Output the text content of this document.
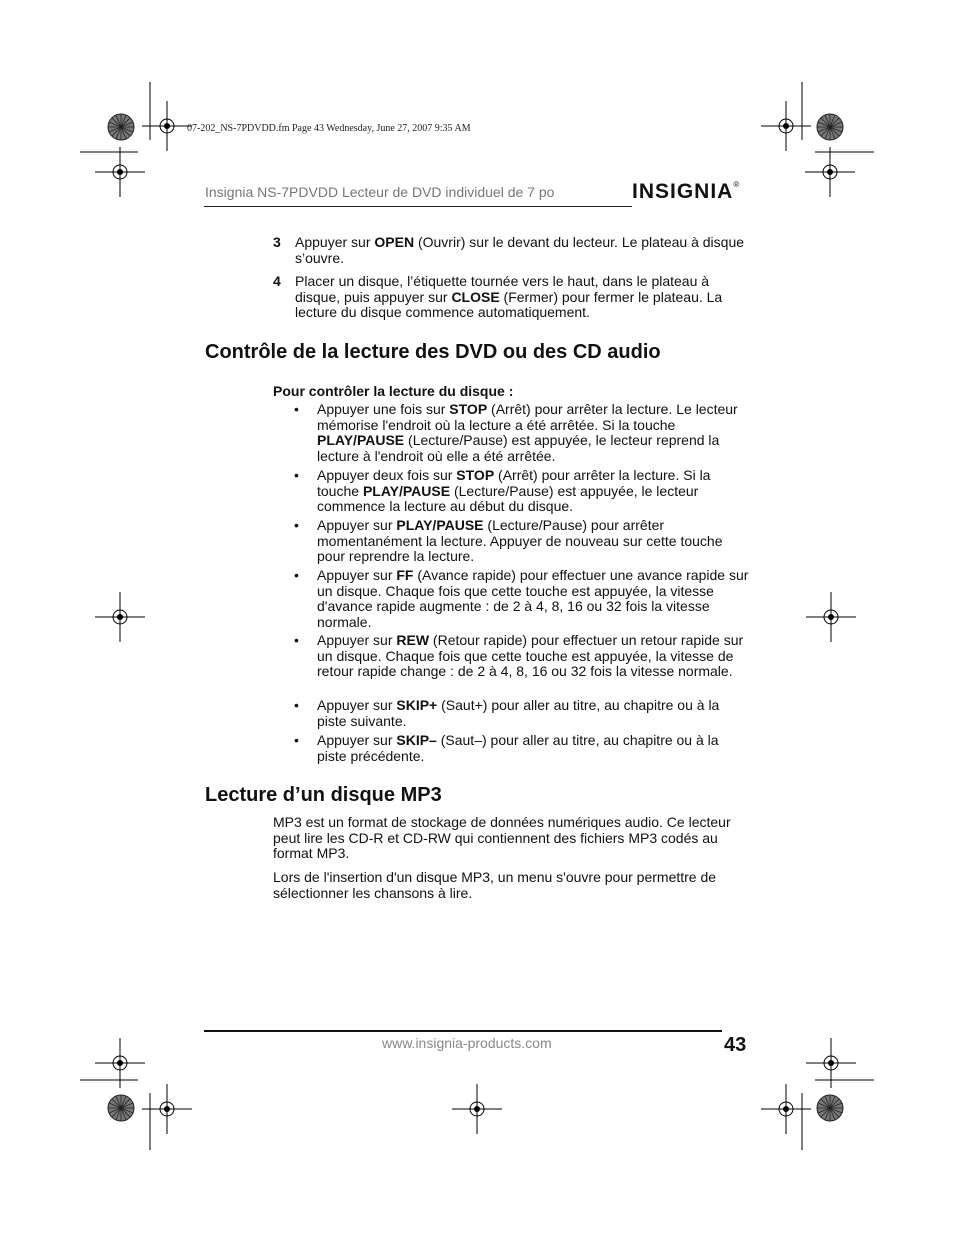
07-202_NS-7PDVDD.fm Page 43 Wednesday, June 27, 2007 9:35 AM
Insignia NS-7PDVDD Lecteur de DVD individuel de 7 po	INSIGNIA®
3 Appuyer sur OPEN (Ouvrir) sur le devant du lecteur. Le plateau à disque s’ouvre.
4 Placer un disque, l’étiquette tournée vers le haut, dans le plateau à disque, puis appuyer sur CLOSE (Fermer) pour fermer le plateau. La lecture du disque commence automatiquement.
Contrôle de la lecture des DVD ou des CD audio
Pour contrôler la lecture du disque :
• Appuyer une fois sur STOP (Arrêt) pour arrêter la lecture. Le lecteur mémorise l'endroit où la lecture a été arrêtée. Si la touche PLAY/PAUSE (Lecture/Pause) est appuyée, le lecteur reprend la lecture à l'endroit où elle a été arrêtée.
• Appuyer deux fois sur STOP (Arrêt) pour arrêter la lecture. Si la touche PLAY/PAUSE (Lecture/Pause) est appuyée, le lecteur commence la lecture au début du disque.
• Appuyer sur PLAY/PAUSE (Lecture/Pause) pour arrêter momentanément la lecture. Appuyer de nouveau sur cette touche pour reprendre la lecture.
• Appuyer sur FF (Avance rapide) pour effectuer une avance rapide sur un disque. Chaque fois que cette touche est appuyée, la vitesse d'avance rapide augmente : de 2 à 4, 8, 16 ou 32 fois la vitesse normale.
• Appuyer sur REW (Retour rapide) pour effectuer un retour rapide sur un disque. Chaque fois que cette touche est appuyée, la vitesse de retour rapide change : de 2 à 4, 8, 16 ou 32 fois la vitesse normale.
• Appuyer sur SKIP+ (Saut+) pour aller au titre, au chapitre ou à la piste suivante.
• Appuyer sur SKIP– (Saut–) pour aller au titre, au chapitre ou à la piste précédente.
Lecture d’un disque MP3
MP3 est un format de stockage de données numériques audio. Ce lecteur peut lire les CD-R et CD-RW qui contiennent des fichiers MP3 codés au format MP3.
Lors de l'insertion d'un disque MP3, un menu s'ouvre pour permettre de sélectionner les chansons à lire.
www.insignia-products.com	43
